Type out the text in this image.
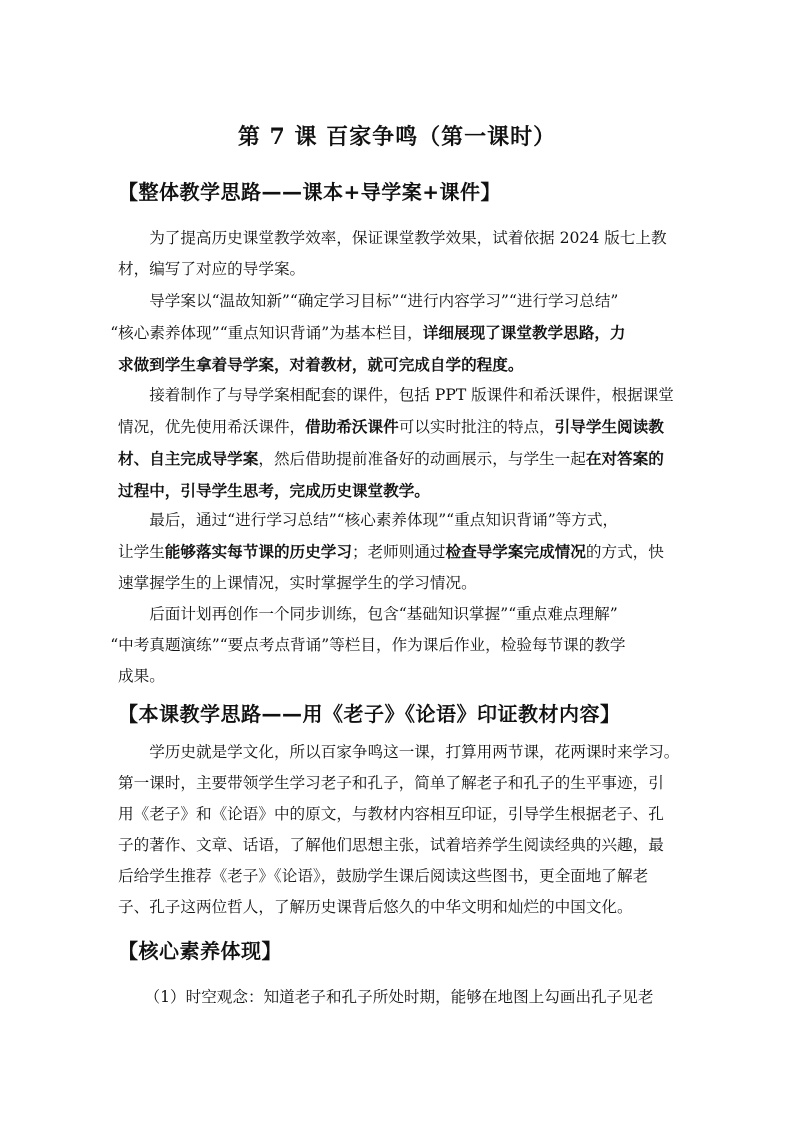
第 7 课 百家争鸣（第一课时）
【整体教学思路——课本+导学案+课件】
为了提高历史课堂教学效率，保证课堂教学效果，试着依据 2024 版七上教
材，编写了对应的导学案。
导学案以“温故知新”“确定学习目标”“进行内容学习”“进行学习总结”
“核心素养体现”“重点知识背诵”为基本栏目，详细展现了课堂教学思路，力
求做到学生拿着导学案，对着教材，就可完成自学的程度。
接着制作了与导学案相配套的课件，包括 PPT 版课件和希沃课件，根据课堂
情况，优先使用希沃课件，借助希沃课件可以实时批注的特点，引导学生阅读教
材、自主完成导学案，然后借助提前准备好的动画展示，与学生一起在对答案的
过程中，引导学生思考，完成历史课堂教学。
最后，通过“进行学习总结”“核心素养体现”“重点知识背诵”等方式，
让学生能够落实每节课的历史学习；老师则通过检查导学案完成情况的方式，快
速掌握学生的上课情况，实时掌握学生的学习情况。
后面计划再创作一个同步训练，包含“基础知识掌握”“重点难点理解”
“中考真题演练”“要点考点背诵”等栏目，作为课后作业，检验每节课的教学
成果。
【本课教学思路——用《老子》《论语》印证教材内容】
学历史就是学文化，所以百家争鸣这一课，打算用两节课，花两课时来学习。
第一课时，主要带领学生学习老子和孔子，简单了解老子和孔子的生平事迹，引
用《老子》和《论语》中的原文，与教材内容相互印证，引导学生根据老子、孔
子的著作、文章、话语，了解他们思想主张，试着培养学生阅读经典的兴趣，最
后给学生推荐《老子》《论语》，鼓励学生课后阅读这些图书，更全面地了解老
子、孔子这两位哲人，了解历史课背后悠久的中华文明和灿烂的中国文化。
【核心素养体现】
（1）时空观念：知道老子和孔子所处时期，能够在地图上勾画出孔子见老
